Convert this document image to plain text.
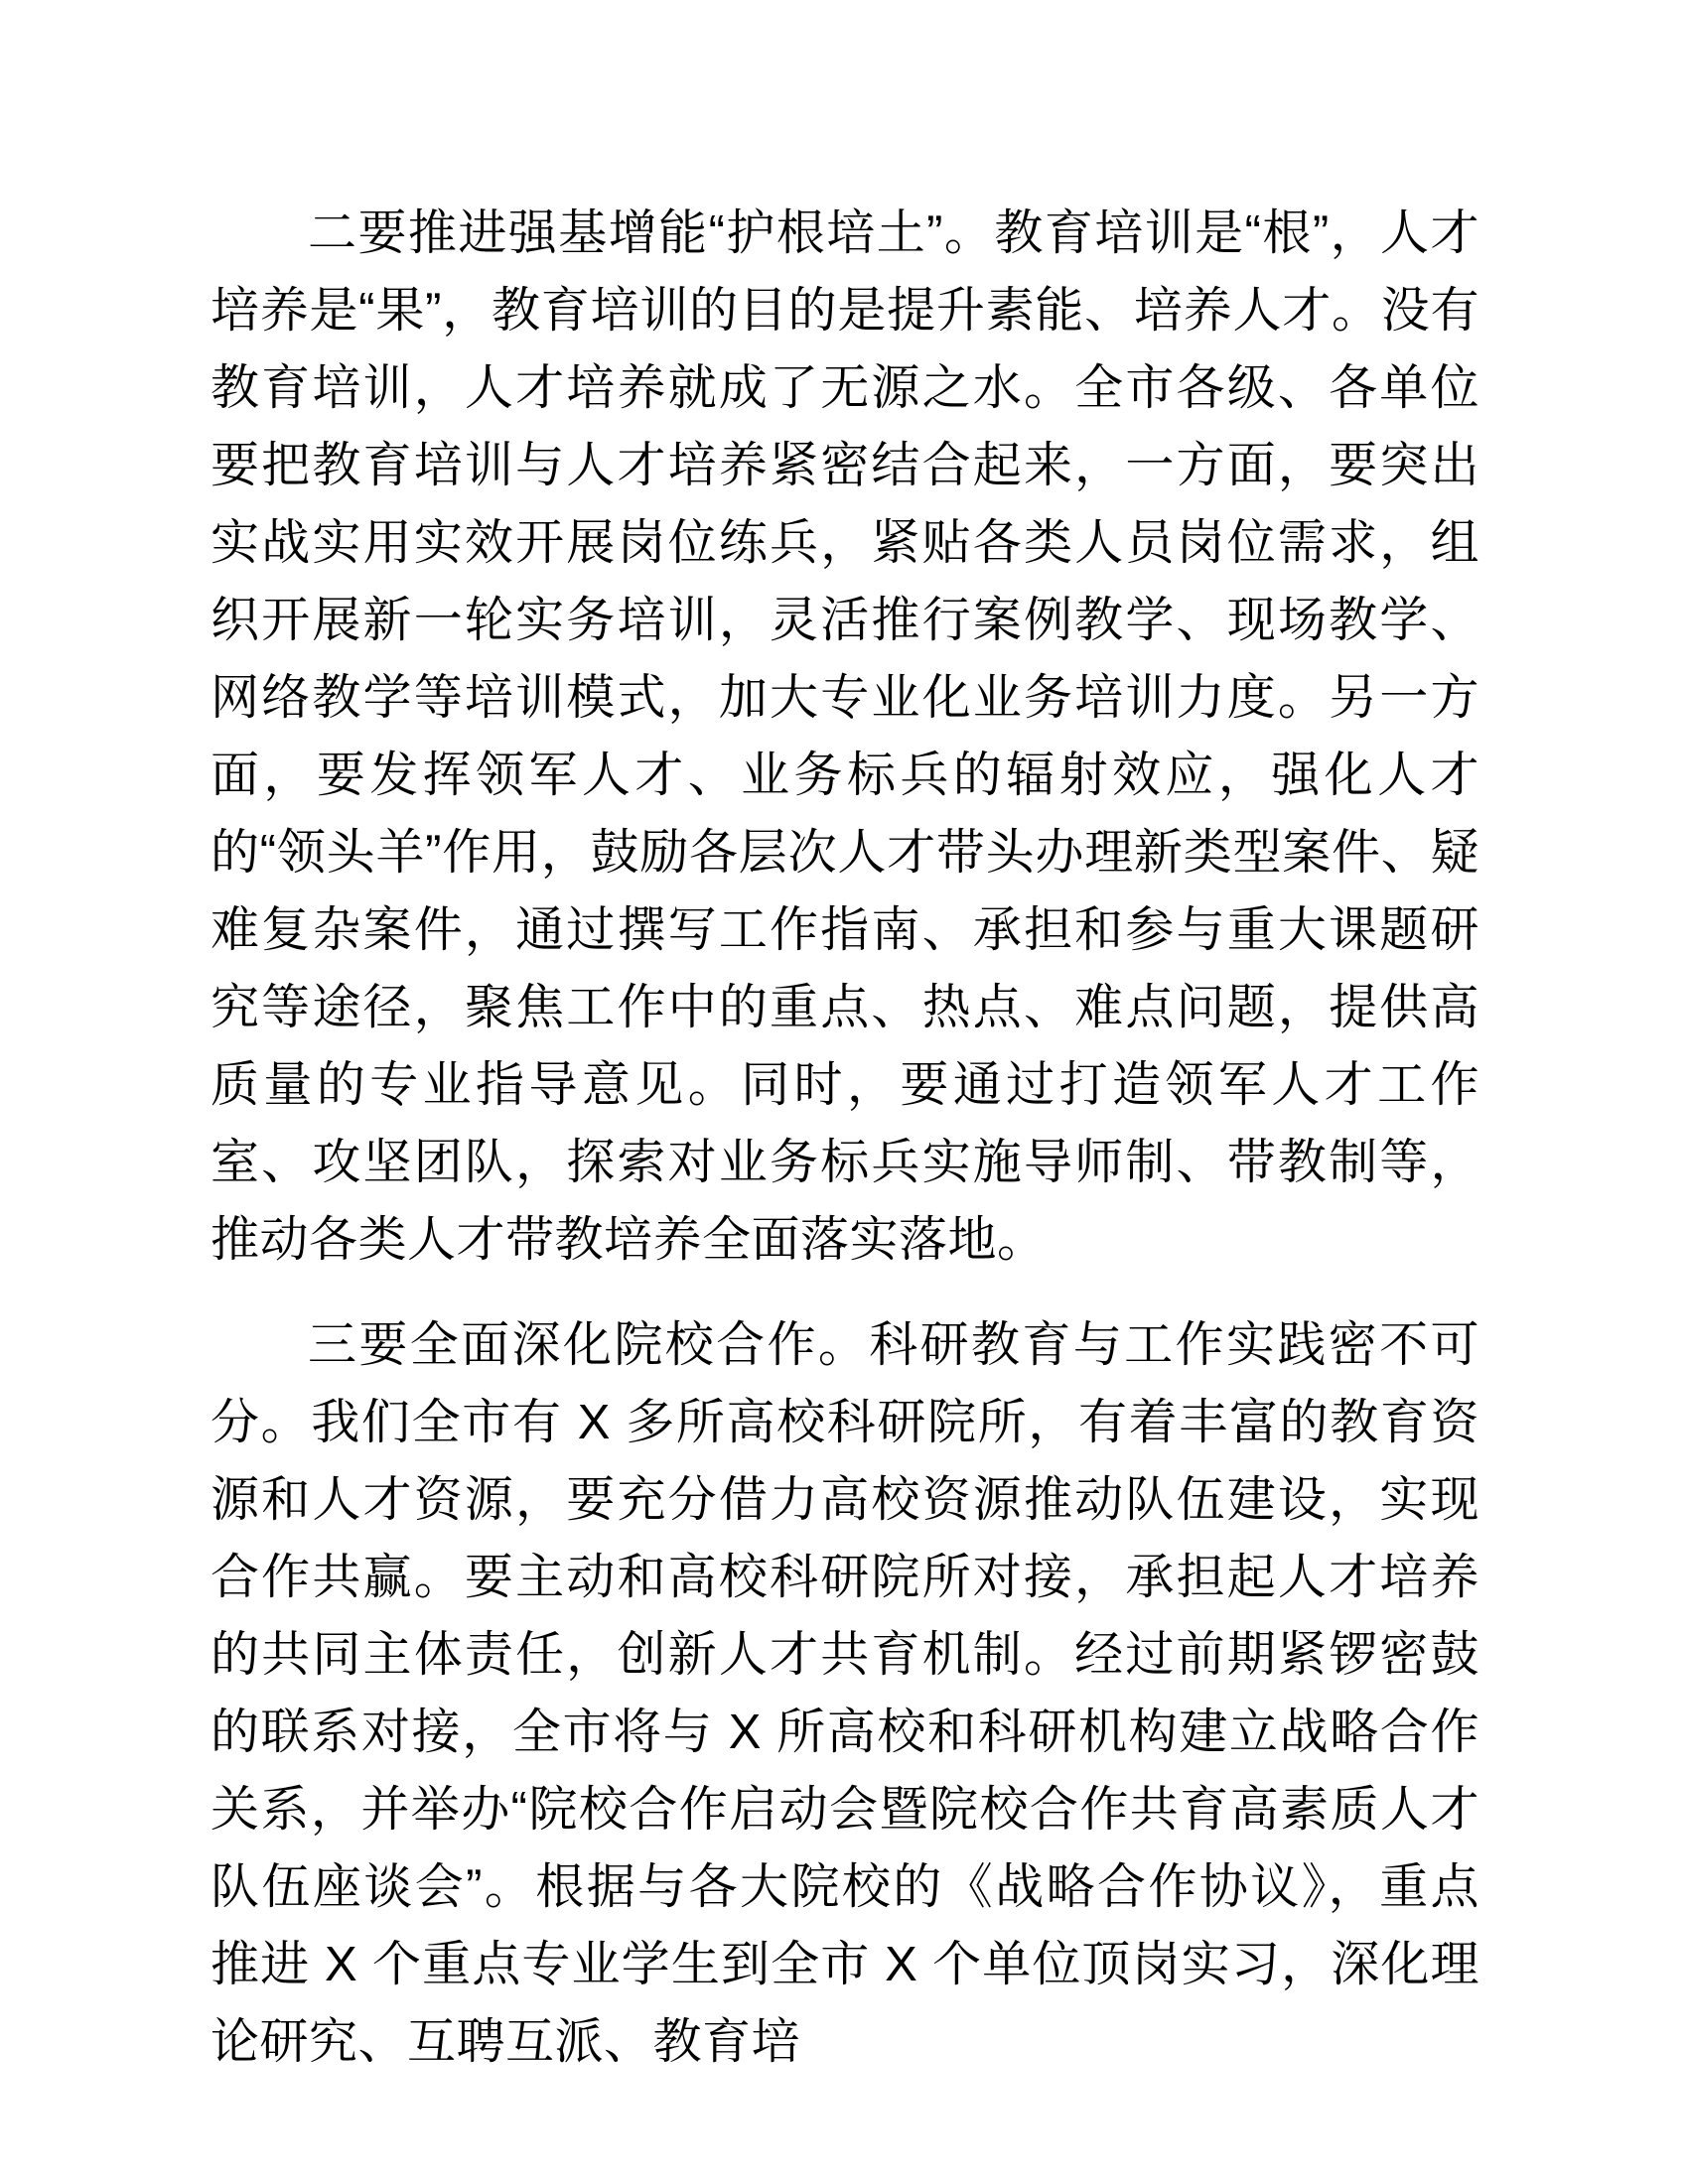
二要推进强基增能“护根培土”。教育培训是“根”，人才培养是“果”，教育培训的目的是提升素能、培养人才。没有教育培训，人才培养就成了无源之水。全市各级、各单位要把教育培训与人才培养紧密结合起来，一方面，要突出实战实用实效开展岗位练兵，紧贴各类人员岗位需求，组织开展新一轮实务培训，灵活推行案例教学、现场教学、网络教学等培训模式，加大专业化业务培训力度。另一方面，要发挥领军人才、业务标兵的辐射效应，强化人才的“领头羊”作用，鼓励各层次人才带头办理新类型案件、疑难复杂案件，通过撰写工作指南、承担和参与重大课题研究等途径，聚焦工作中的重点、热点、难点问题，提供高质量的专业指导意见。同时，要通过打造领军人才工作室、攻坚团队，探索对业务标兵实施导师制、带教制等，推动各类人才带教培养全面落实落地。

三要全面深化院校合作。科研教育与工作实践密不可分。我们全市有 X 多所高校科研院所，有着丰富的教育资源和人才资源，要充分借力高校资源推动队伍建设，实现合作共赢。要主动和高校科研院所对接，承担起人才培养的共同主体责任，创新人才共育机制。经过前期紧锣密鼓的联系对接，全市将与 X 所高校和科研机构建立战略合作关系，并举办“院校合作启动会暨院校合作共育高素质人才队伍座谈会”。根据与各大院校的《战略合作协议》，重点推进 X 个重点专业学生到全市 X 个单位顶岗实习，深化理论研究、互聘互派、教育培
